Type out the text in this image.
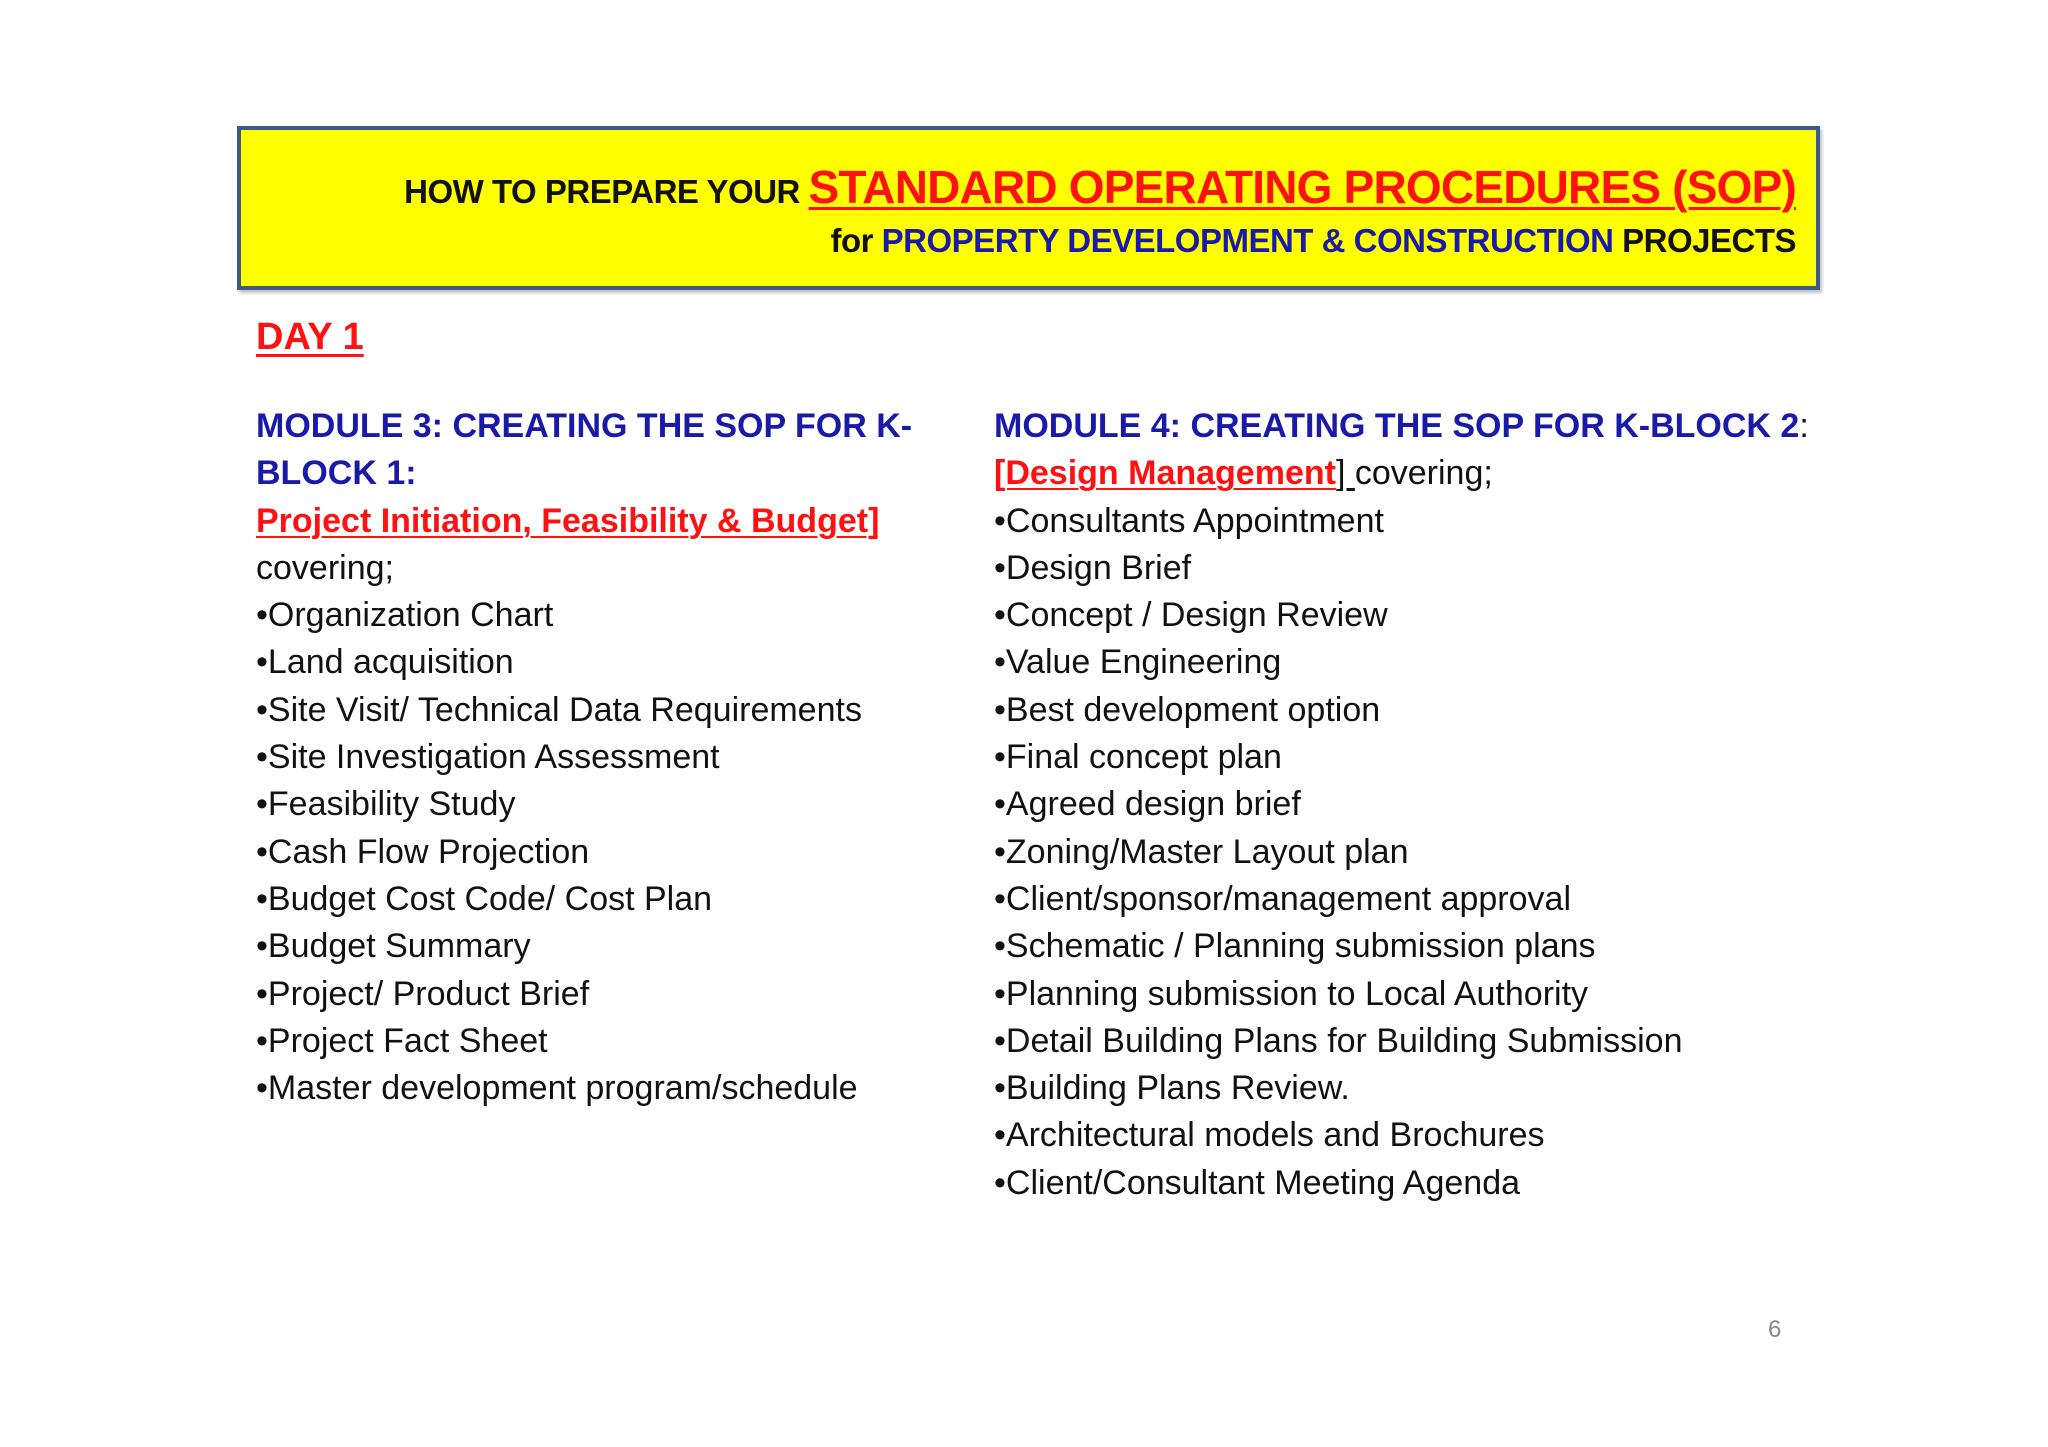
HOW TO PREPARE YOUR STANDARD OPERATING PROCEDURES (SOP)
for PROPERTY DEVELOPMENT & CONSTRUCTION PROJECTS
DAY 1
MODULE 3: CREATING THE SOP FOR K-
BLOCK 1:
Project Initiation, Feasibility & Budget]
covering;
•Organization Chart
•Land acquisition
•Site Visit/ Technical Data Requirements
•Site Investigation Assessment
•Feasibility Study
•Cash Flow Projection
•Budget Cost Code/ Cost Plan
•Budget Summary
•Project/ Product Brief
•Project Fact Sheet
•Master development program/schedule
MODULE 4: CREATING THE SOP FOR K-BLOCK 2:
[Design Management] covering;
•Consultants Appointment
•Design Brief
•Concept / Design Review
•Value Engineering
•Best development option
•Final concept plan
•Agreed design brief
•Zoning/Master Layout plan
•Client/sponsor/management approval
•Schematic / Planning submission plans
•Planning submission to Local Authority
•Detail Building Plans for Building Submission
•Building Plans Review.
•Architectural models and Brochures
•Client/Consultant Meeting Agenda
6
